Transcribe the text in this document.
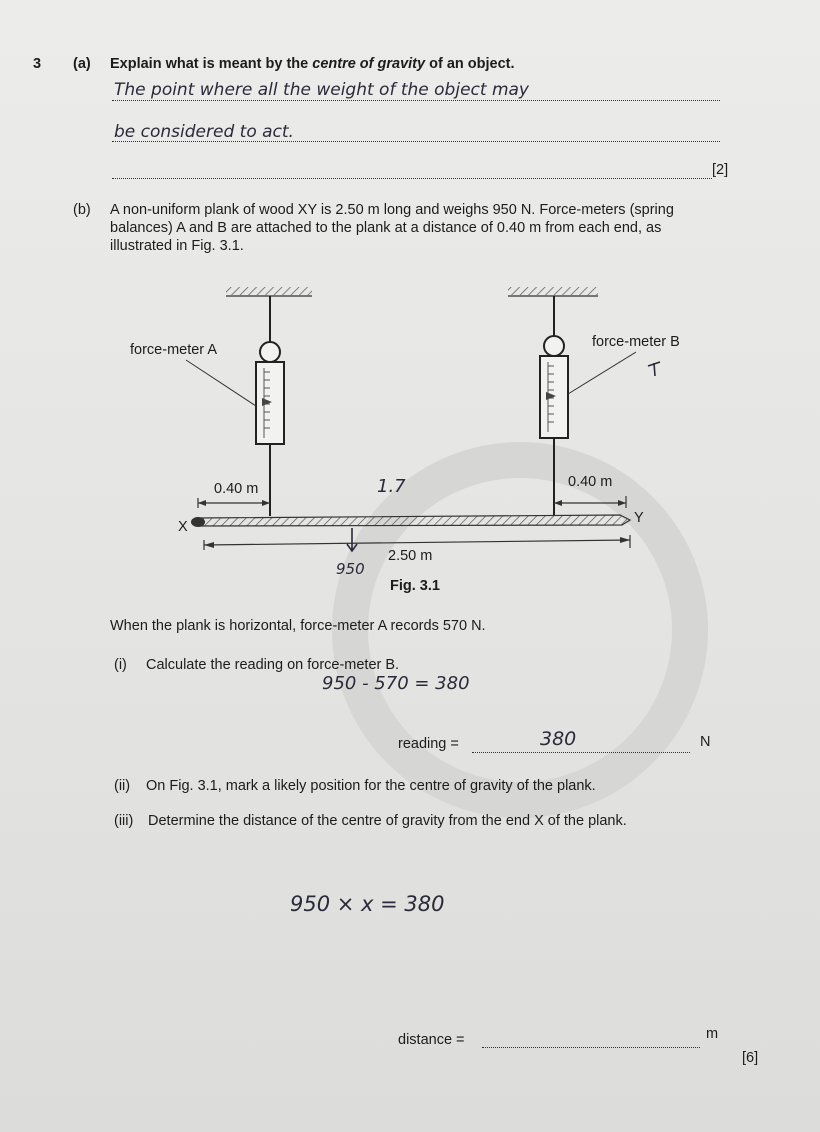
3 (a) Explain what is meant by the centre of gravity of an object.
The point where all the weight of the object may
be considered to act.
[2]
(b) A non-uniform plank of wood XY is 2.50 m long and weighs 950 N. Force-meters (spring
balances) A and B are attached to the plank at a distance of 0.40 m from each end, as
illustrated in Fig. 3.1.
force-meter A	force-meter B
0.40 m	0.40 m
X
Y
2.50 m
Fig. 3.1
1.7
950
When the plank is horizontal, force-meter A records 570 N.
(i) Calculate the reading on force-meter B.
950 - 570 = 380
reading =	380	N
(ii) On Fig. 3.1, mark a likely position for the centre of gravity of the plank.
(iii) Determine the distance of the centre of gravity from the end X of the plank.
950 × x = 380
distance =	m
[6]
